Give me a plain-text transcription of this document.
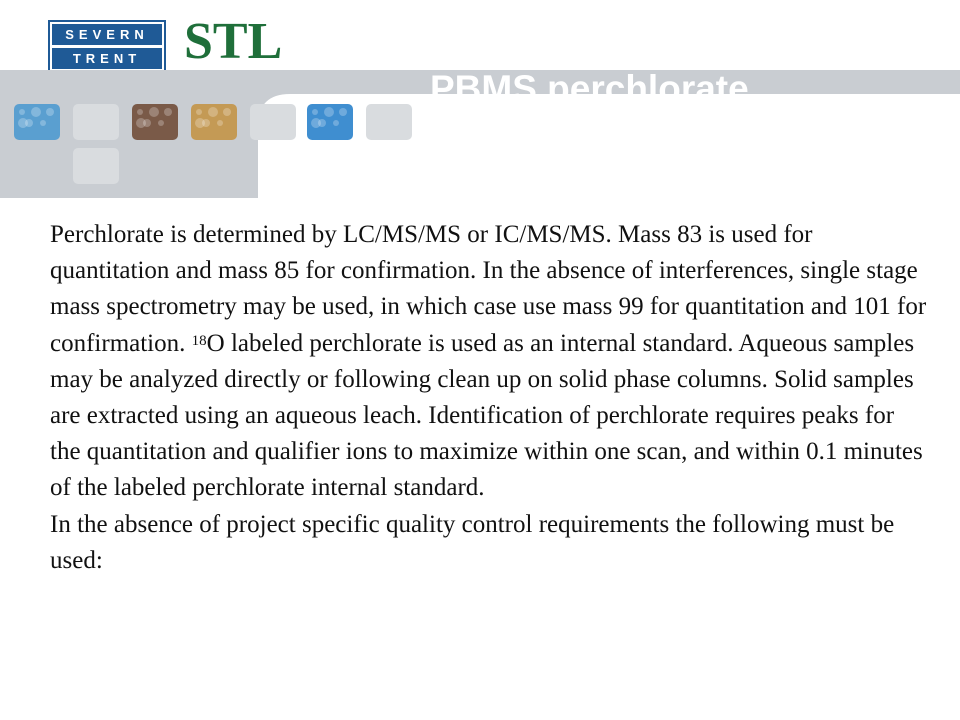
SEVERN
TRENT STL
PBMS perchlorate
method

Perchlorate is determined by LC/MS/MS or IC/MS/MS. Mass 83 is used for quantitation and mass 85 for confirmation. In the absence of interferences, single stage mass spectrometry may be used, in which case use mass 99 for quantitation and 101 for confirmation. $^{18}$O labeled perchlorate is used as an internal standard. Aqueous samples may be analyzed directly or following clean up on solid phase columns. Solid samples are extracted using an aqueous leach. Identification of perchlorate requires peaks for the quantitation and qualifier ions to maximize within one scan, and within 0.1 minutes of the labeled perchlorate internal standard.

In the absence of project specific quality control requirements the following must be used:
